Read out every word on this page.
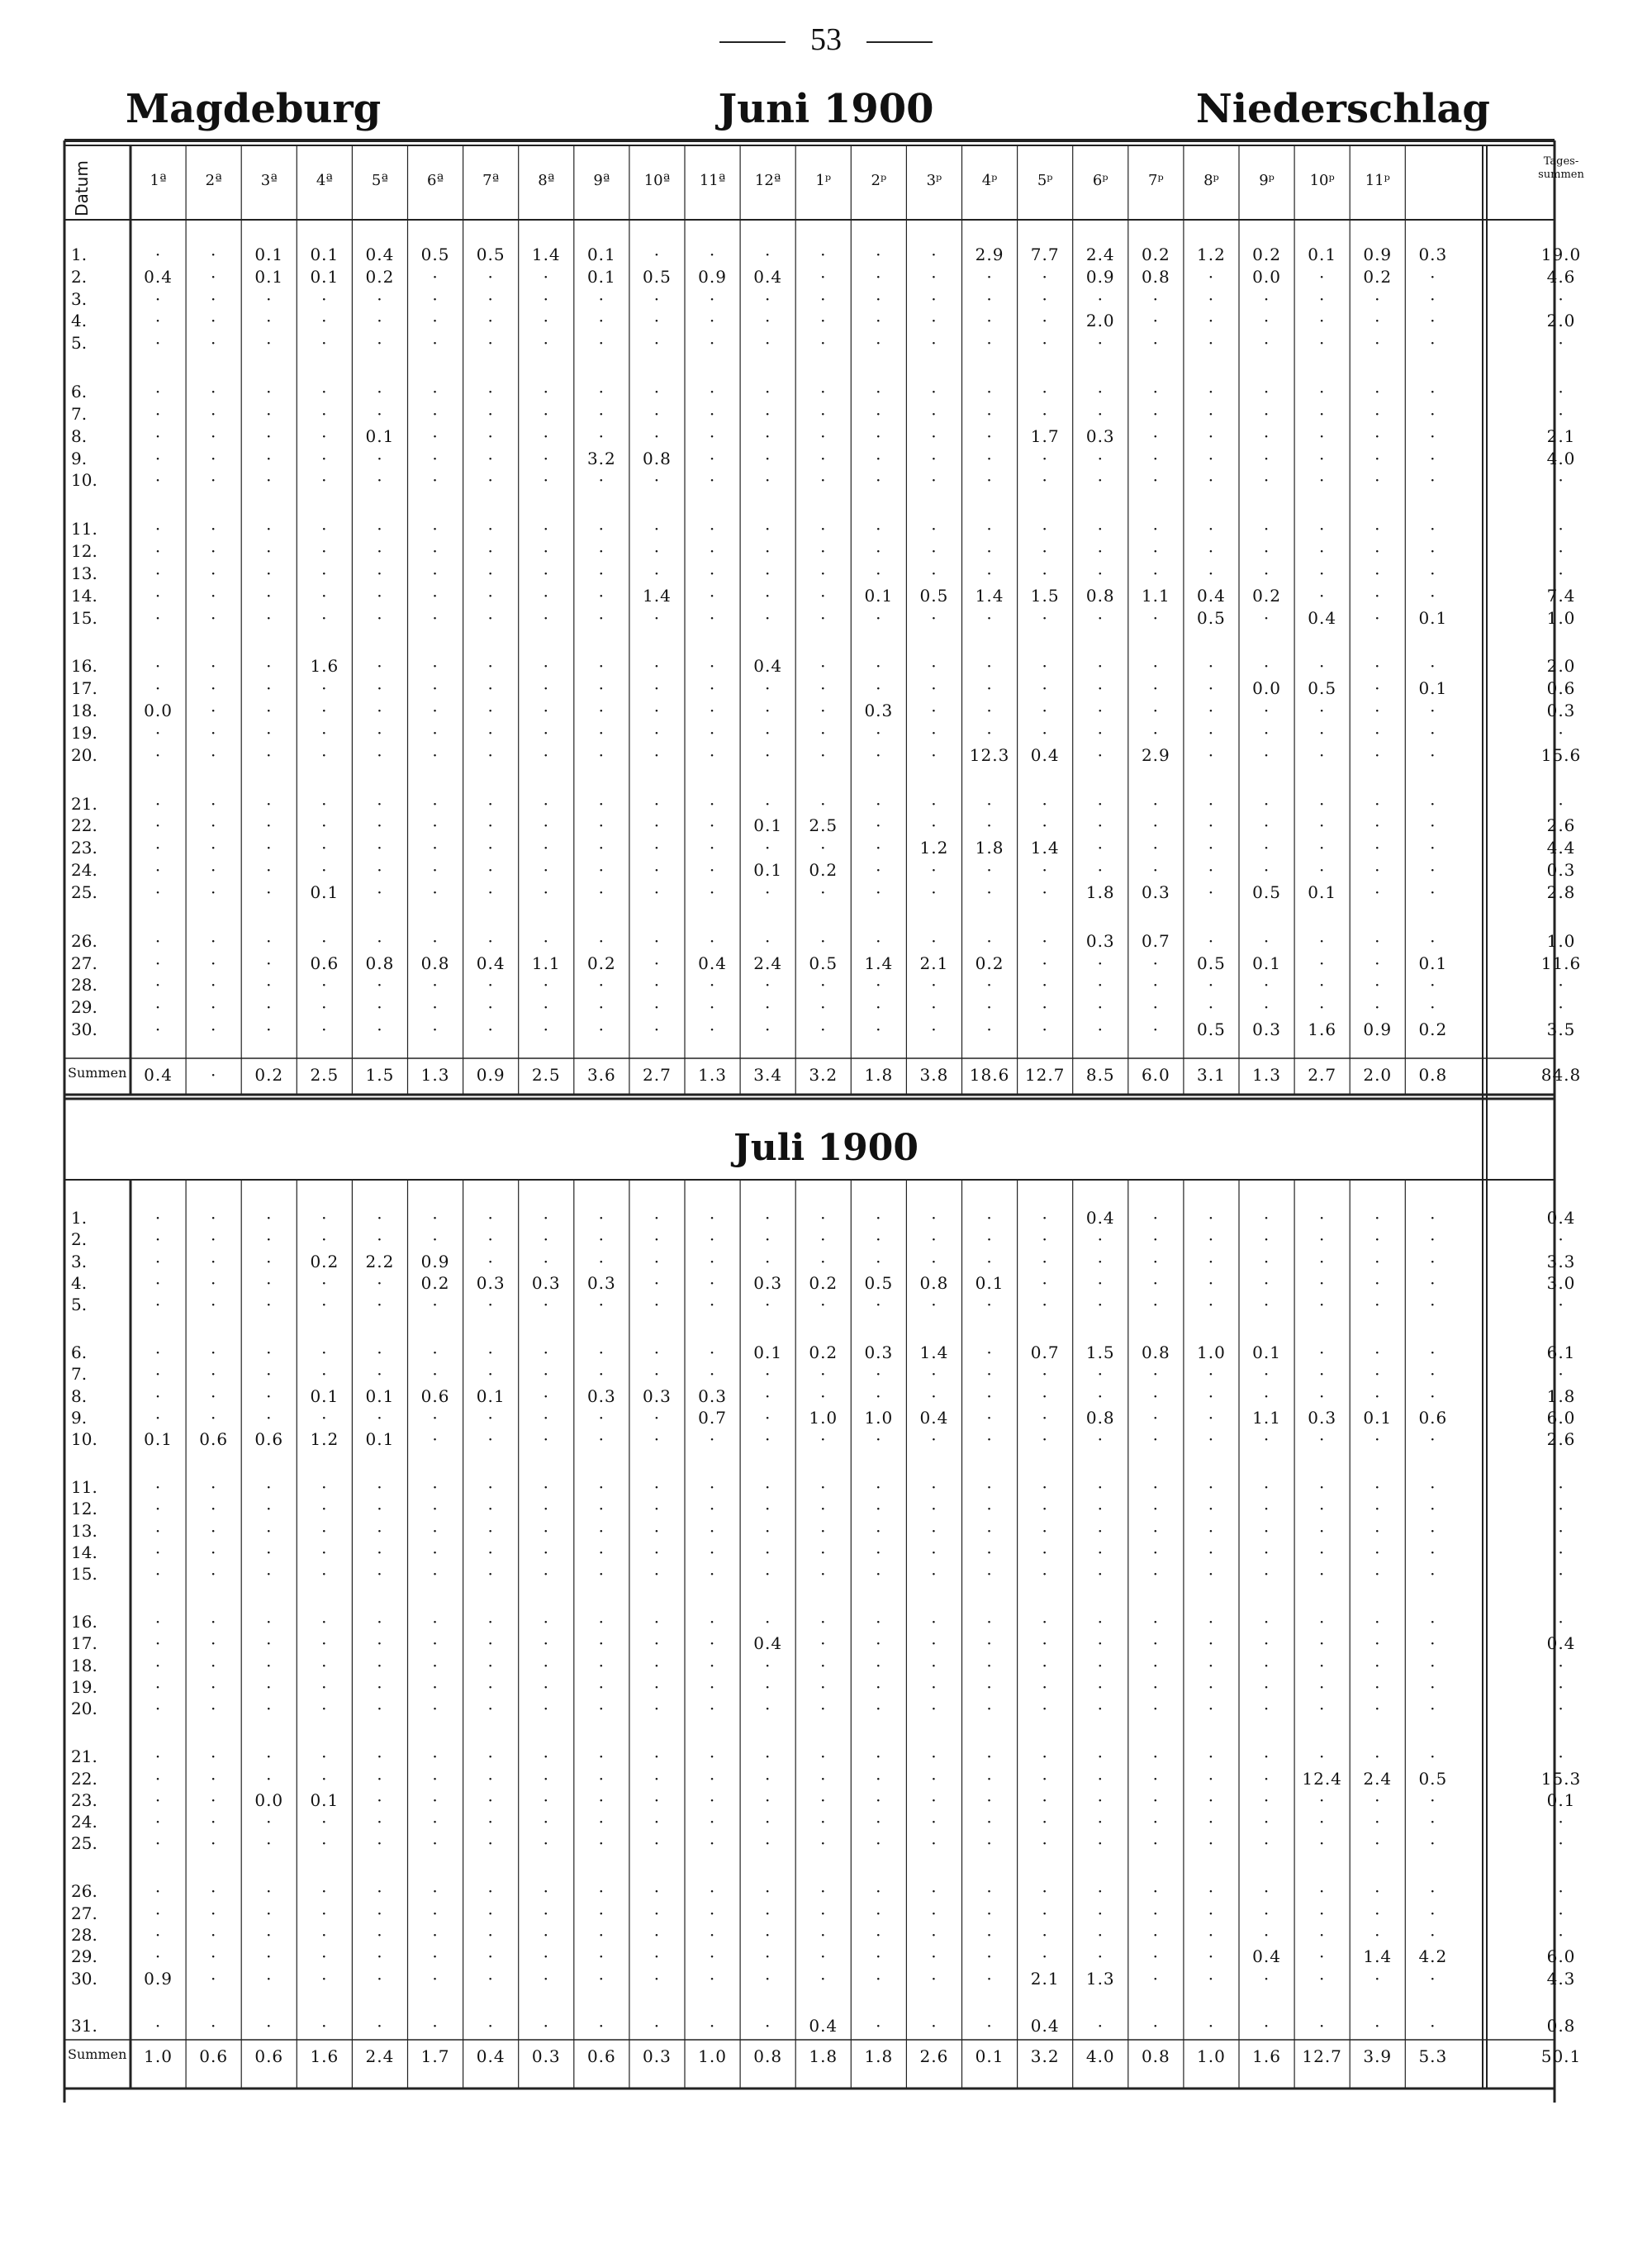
53
Magdeburg	Juni 1900	Niederschlag
Datum	Tages-summen
Juli 1900
1ª	2ª	3ª	4ª	5ª	6ª	7ª	8ª	9ª 10ª 11ª 12ª 1ᵖ	2ᵖ	3ᵖ	4ᵖ	5ᵖ	6ᵖ	7ᵖ	8ᵖ	9ᵖ 10ᵖ 11ᵖ
1.	·	· 0.1 0.1 0.4 0.5 0.5 1.4 0.1 ·	·	·	·	·	· 2.9 7.7 2.4 0.2 1.2 0.2 0.1 0.9 0.3	19.0
2.	0.4 · 0.1 0.1 0.2 ·	·	· 0.1 0.5 0.9 0.4 ·	·	·	·	· 0.9 0.8 · 0.0 · 0.2 ·	4.6
3.	·	·	·	·	·	·	·	·	·	·	·	·	·	·	·	·	·	·	·	·	·	·	·	·	·
4.	·	·	·	·	·	·	·	·	·	·	·	·	·	·	·	·	· 2.0 ·	·	·	·	·	·	2.0
5.	·	·	·	·	·	·	·	·	·	·	·	·	·	·	·	·	·	·	·	·	·	·	·	·	·
6.	·	·	·	·	·	·	·	·	·	·	·	·	·	·	·	·	·	·	·	·	·	·	·	·	·
7.	·	·	·	·	·	·	·	·	·	·	·	·	·	·	·	·	·	·	·	·	·	·	·	·	·
8.	·	·	·	· 0.1 ·	·	·	·	·	·	·	·	·	·	· 1.7 0.3 ·	·	·	·	·	·	2.1
9.	·	·	·	·	·	·	·	· 3.2 0.8 ·	·	·	·	·	·	·	·	·	·	·	·	·	·	4.0
10.	·	·	·	·	·	·	·	·	·	·	·	·	·	·	·	·	·	·	·	·	·	·	·	·	·
11.	·	·	·	·	·	·	·	·	·	·	·	·	·	·	·	·	·	·	·	·	·	·	·	·	·
12.	·	·	·	·	·	·	·	·	·	·	·	·	·	·	·	·	·	·	·	·	·	·	·	·	·
13.	·	·	·	·	·	·	·	·	·	·	·	·	·	·	·	·	·	·	·	·	·	·	·	·	·
14.	·	·	·	·	·	·	·	·	· 1.4 ·	·	· 0.1 0.5 1.4 1.5 0.8 1.1 0.4 0.2 ·	·	·	7.4
15.	·	·	·	·	·	·	·	·	·	·	·	·	·	·	·	·	·	·	· 0.5 · 0.4 · 0.1	1.0
16.	·	·	· 1.6 ·	·	·	·	·	·	· 0.4 ·	·	·	·	·	·	·	·	·	·	·	·	2.0
17.	·	·	·	·	·	·	·	·	·	·	·	·	·	·	·	·	·	·	·	· 0.0 0.5 · 0.1	0.6
18.	0.0 ·	·	·	·	·	·	·	·	·	·	·	· 0.3 ·	·	·	·	·	·	·	·	·	·	0.3
19.	·	·	·	·	·	·	·	·	·	·	·	·	·	·	·	·	·	·	·	·	·	·	·	·	·
20.	·	·	·	·	·	·	·	·	·	·	·	·	·	·	· 12.3 0.4 · 2.9 ·	·	·	·	·	15.6
21.	·	·	·	·	·	·	·	·	·	·	·	·	·	·	·	·	·	·	·	·	·	·	·	·	·
22.	·	·	·	·	·	·	·	·	·	·	· 0.1 2.5 ·	·	·	·	·	·	·	·	·	·	·	2.6
23.	·	·	·	·	·	·	·	·	·	·	·	·	·	· 1.2 1.8 1.4 ·	·	·	·	·	·	·	4.4
24.	·	·	·	·	·	·	·	·	·	·	· 0.1 0.2 ·	·	·	·	·	·	·	·	·	·	·	0.3
25.	·	·	· 0.1 ·	·	·	·	·	·	·	·	·	·	·	·	· 1.8 0.3 · 0.5 0.1 ·	·	2.8
26.	·	·	·	·	·	·	·	·	·	·	·	·	·	·	·	·	· 0.3 0.7 ·	·	·	·	·	1.0
27.	·	·	· 0.6 0.8 0.8 0.4 1.1 0.2 · 0.4 2.4 0.5 1.4 2.1 0.2 ·	·	· 0.5 0.1 ·	· 0.1	11.6
28.	·	·	·	·	·	·	·	·	·	·	·	·	·	·	·	·	·	·	·	·	·	·	·	·	·
29.	·	·	·	·	·	·	·	·	·	·	·	·	·	·	·	·	·	·	·	·	·	·	·	·	·
30.	·	·	·	·	·	·	·	·	·	·	·	·	·	·	·	·	·	·	· 0.5 0.3 1.6 0.9 0.2	3.5
Summen 0.4 · 0.2 2.5 1.5 1.3 0.9 2.5 3.6 2.7 1.3 3.4 3.2 1.8 3.8 18.6 12.7 8.5 6.0 3.1 1.3 2.7 2.0 0.8	84.8
1.	·	·	·	·	·	·	·	·	·	·	·	·	·	·	·	·	· 0.4 ·	·	·	·	·	·	0.4
2.	·	·	·	·	·	·	·	·	·	·	·	·	·	·	·	·	·	·	·	·	·	·	·	·	·
3.	·	·	· 0.2 2.2 0.9 ·	·	·	·	·	·	·	·	·	·	·	·	·	·	·	·	·	·	3.3
4.	·	·	·	·	· 0.2 0.3 0.3 0.3 ·	· 0.3 0.2 0.5 0.8 0.1 ·	·	·	·	·	·	·	·	3.0
5.	·	·	·	·	·	·	·	·	·	·	·	·	·	·	·	·	·	·	·	·	·	·	·	·	·
6.	·	·	·	·	·	·	·	·	·	·	· 0.1 0.2 0.3 1.4 · 0.7 1.5 0.8 1.0 0.1 ·	·	·	6.1
7.	·	·	·	·	·	·	·	·	·	·	·	·	·	·	·	·	·	·	·	·	·	·	·	·	·
8.	·	·	· 0.1 0.1 0.6 0.1 · 0.3 0.3 0.3 ·	·	·	·	·	·	·	·	·	·	·	·	·	1.8
9.	·	·	·	·	·	·	·	·	·	· 0.7 · 1.0 1.0 0.4 ·	· 0.8 ·	· 1.1 0.3 0.1 0.6	6.0
10.	0.1 0.6 0.6 1.2 0.1 ·	·	·	·	·	·	·	·	·	·	·	·	·	·	·	·	·	·	·	2.6
11.	·	·	·	·	·	·	·	·	·	·	·	·	·	·	·	·	·	·	·	·	·	·	·	·	·
12.	·	·	·	·	·	·	·	·	·	·	·	·	·	·	·	·	·	·	·	·	·	·	·	·	·
13.	·	·	·	·	·	·	·	·	·	·	·	·	·	·	·	·	·	·	·	·	·	·	·	·	·
14.	·	·	·	·	·	·	·	·	·	·	·	·	·	·	·	·	·	·	·	·	·	·	·	·	·
15.	·	·	·	·	·	·	·	·	·	·	·	·	·	·	·	·	·	·	·	·	·	·	·	·	·
16.	·	·	·	·	·	·	·	·	·	·	·	·	·	·	·	·	·	·	·	·	·	·	·	·	·
17.	·	·	·	·	·	·	·	·	·	·	· 0.4 ·	·	·	·	·	·	·	·	·	·	·	·	0.4
18.	·	·	·	·	·	·	·	·	·	·	·	·	·	·	·	·	·	·	·	·	·	·	·	·	·
19.	·	·	·	·	·	·	·	·	·	·	·	·	·	·	·	·	·	·	·	·	·	·	·	·	·
20.	·	·	·	·	·	·	·	·	·	·	·	·	·	·	·	·	·	·	·	·	·	·	·	·	·
21.	·	·	·	·	·	·	·	·	·	·	·	·	·	·	·	·	·	·	·	·	·	·	·	·	·
22.	·	·	·	·	·	·	·	·	·	·	·	·	·	·	·	·	·	·	·	·	· 12.4 2.4 0.5	15.3
23.	·	· 0.0 0.1 ·	·	·	·	·	·	·	·	·	·	·	·	·	·	·	·	·	·	·	·	0.1
24.	·	·	·	·	·	·	·	·	·	·	·	·	·	·	·	·	·	·	·	·	·	·	·	·	·
25.	·	·	·	·	·	·	·	·	·	·	·	·	·	·	·	·	·	·	·	·	·	·	·	·	·
26.	·	·	·	·	·	·	·	·	·	·	·	·	·	·	·	·	·	·	·	·	·	·	·	·	·
27.	·	·	·	·	·	·	·	·	·	·	·	·	·	·	·	·	·	·	·	·	·	·	·	·	·
28.	·	·	·	·	·	·	·	·	·	·	·	·	·	·	·	·	·	·	·	·	·	·	·	·	·
29.	·	·	·	·	·	·	·	·	·	·	·	·	·	·	·	·	·	·	·	· 0.4 · 1.4 4.2	6.0
30.	0.9 ·	·	·	·	·	·	·	·	·	·	·	·	·	·	· 2.1 1.3 ·	·	·	·	·	·	4.3
31.	·	·	·	·	·	·	·	·	·	·	·	· 0.4 ·	·	· 0.4 ·	·	·	·	·	·	·	0.8
Summen 1.0 0.6 0.6 1.6 2.4 1.7 0.4 0.3 0.6 0.3 1.0 0.8 1.8 1.8 2.6 0.1 3.2 4.0 0.8 1.0 1.6 12.7 3.9 5.3	50.1
